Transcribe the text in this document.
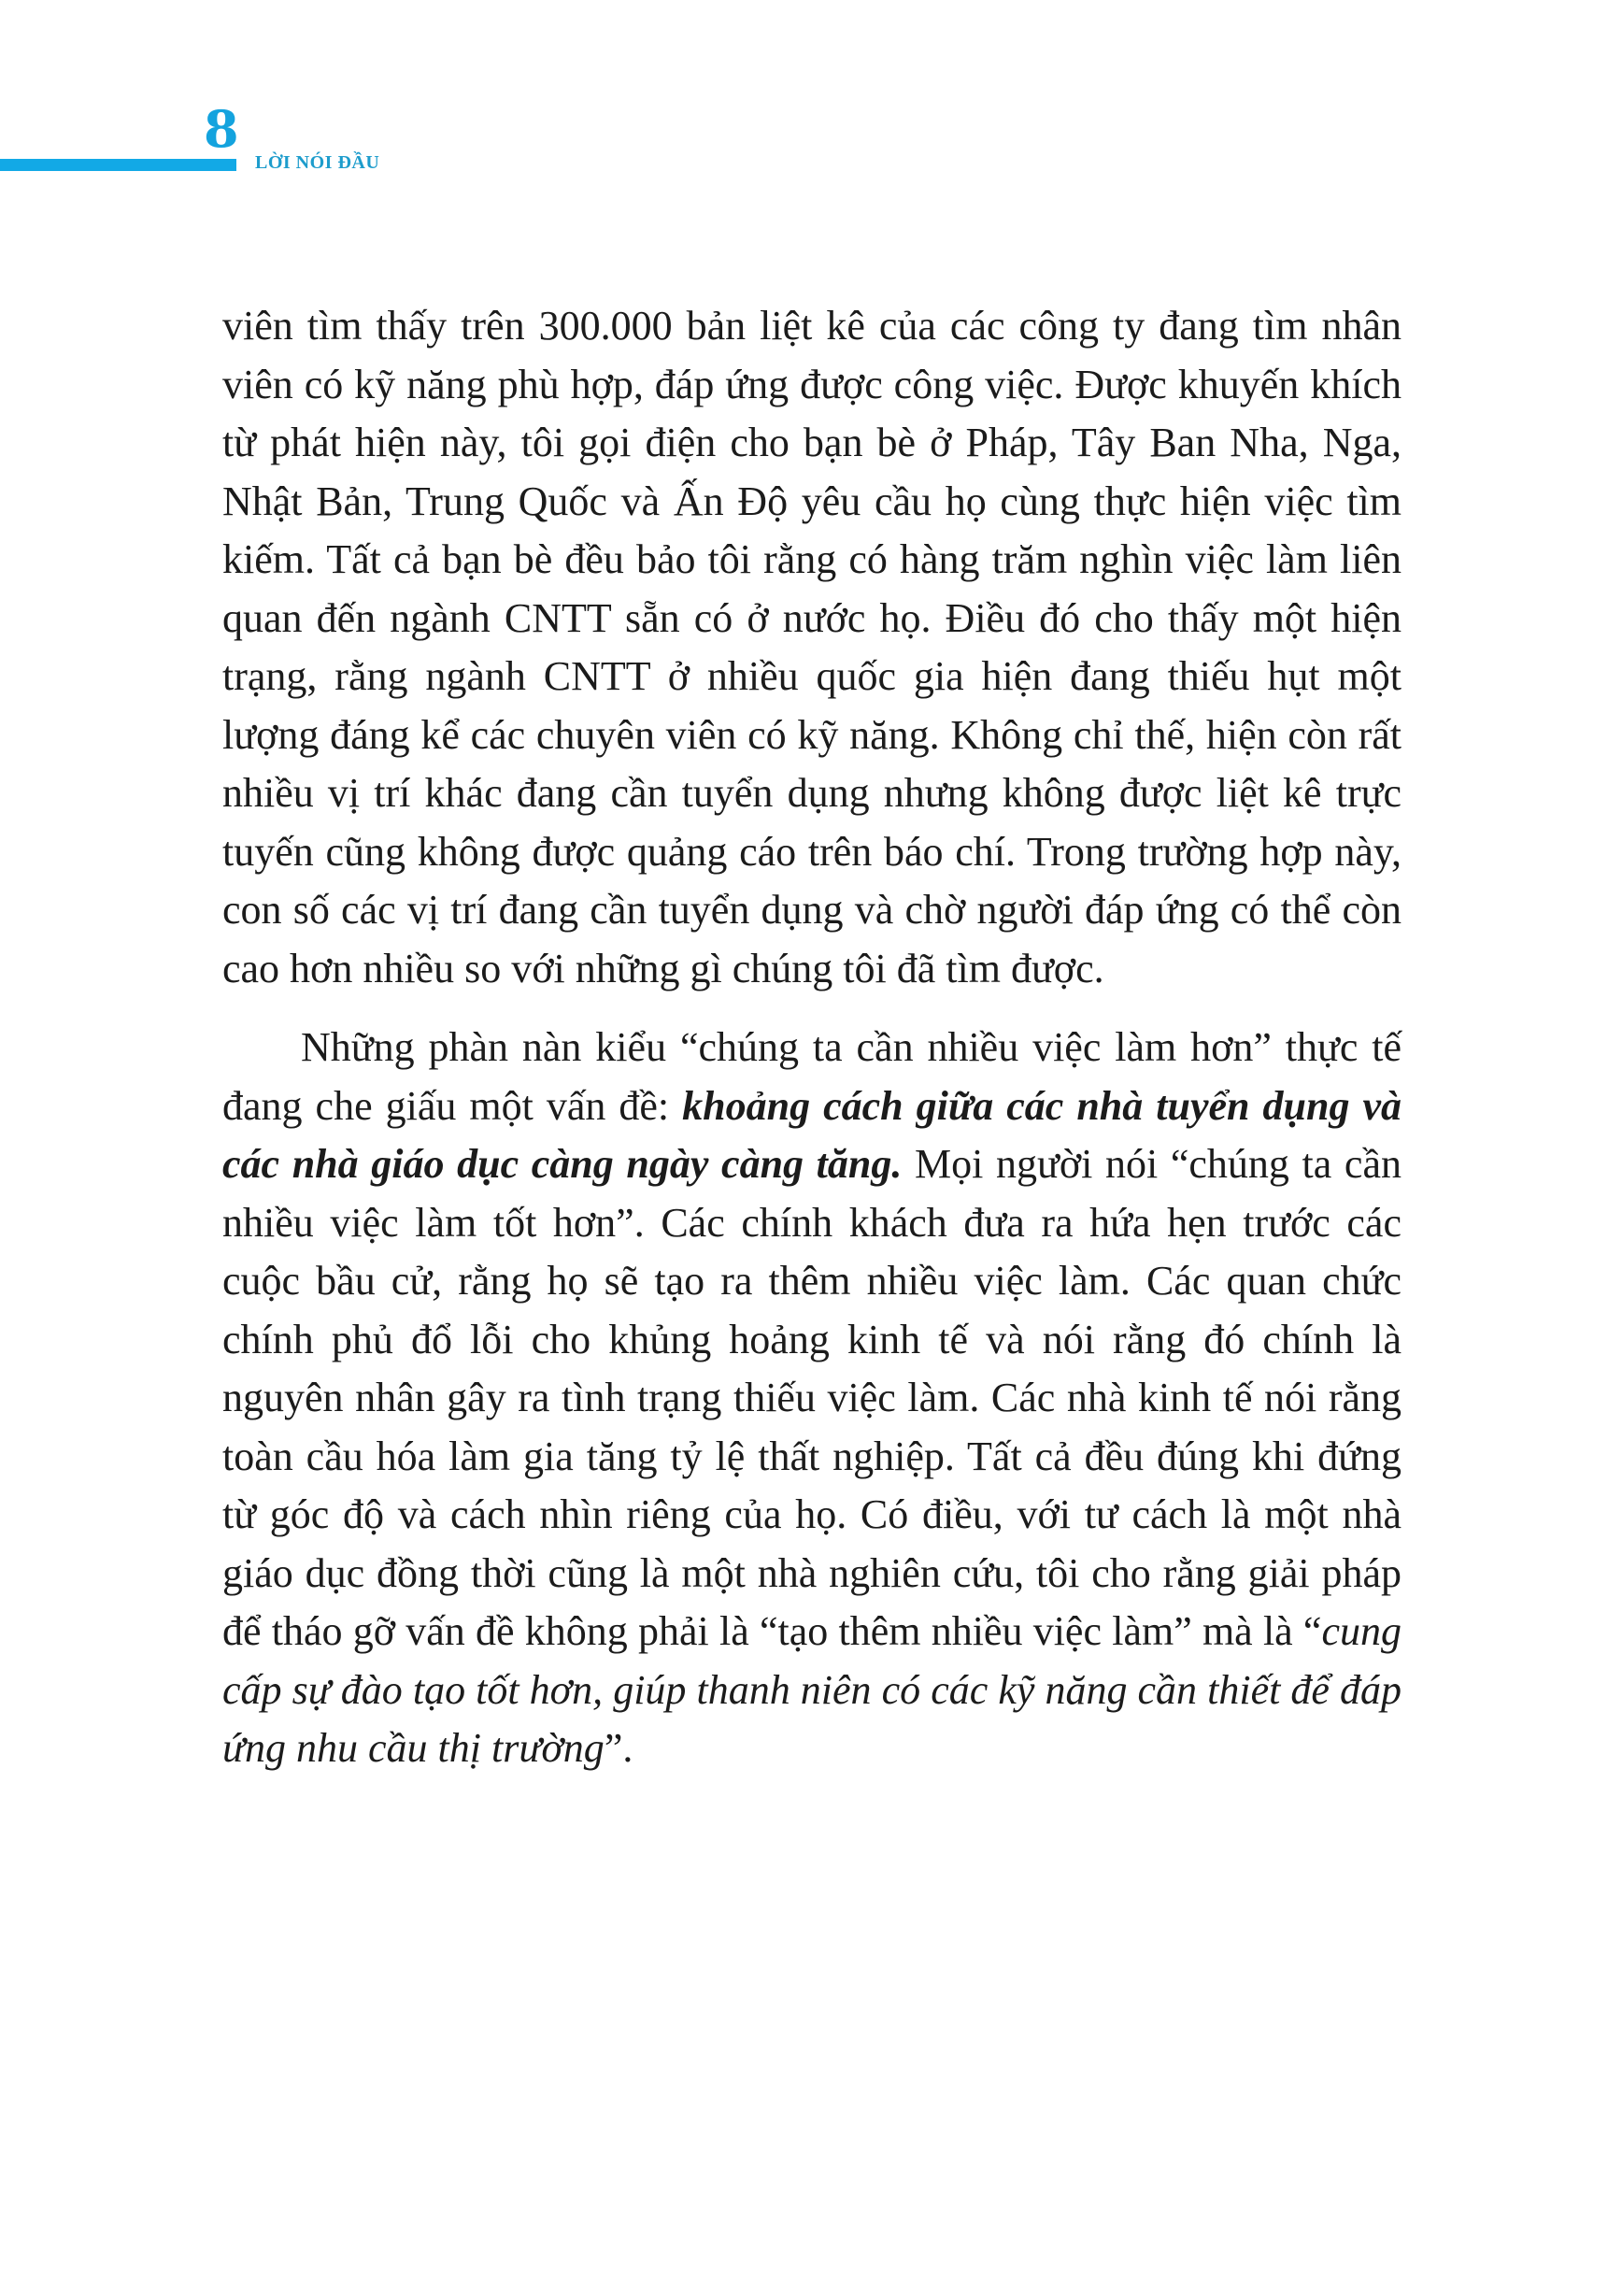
8
LỜI NÓI ĐẦU

viên tìm thấy trên 300.000 bản liệt kê của các công ty đang tìm nhân viên có kỹ năng phù hợp, đáp ứng được công việc. Được khuyến khích từ phát hiện này, tôi gọi điện cho bạn bè ở Pháp, Tây Ban Nha, Nga, Nhật Bản, Trung Quốc và Ấn Độ yêu cầu họ cùng thực hiện việc tìm kiếm. Tất cả bạn bè đều bảo tôi rằng có hàng trăm nghìn việc làm liên quan đến ngành CNTT sẵn có ở nước họ. Điều đó cho thấy một hiện trạng, rằng ngành CNTT ở nhiều quốc gia hiện đang thiếu hụt một lượng đáng kể các chuyên viên có kỹ năng. Không chỉ thế, hiện còn rất nhiều vị trí khác đang cần tuyển dụng nhưng không được liệt kê trực tuyến cũng không được quảng cáo trên báo chí. Trong trường hợp này, con số các vị trí đang cần tuyển dụng và chờ người đáp ứng có thể còn cao hơn nhiều so với những gì chúng tôi đã tìm được.

Những phàn nàn kiểu “chúng ta cần nhiều việc làm hơn” thực tế đang che giấu một vấn đề: khoảng cách giữa các nhà tuyển dụng và các nhà giáo dục càng ngày càng tăng. Mọi người nói “chúng ta cần nhiều việc làm tốt hơn”. Các chính khách đưa ra hứa hẹn trước các cuộc bầu cử, rằng họ sẽ tạo ra thêm nhiều việc làm. Các quan chức chính phủ đổ lỗi cho khủng hoảng kinh tế và nói rằng đó chính là nguyên nhân gây ra tình trạng thiếu việc làm. Các nhà kinh tế nói rằng toàn cầu hóa làm gia tăng tỷ lệ thất nghiệp. Tất cả đều đúng khi đứng từ góc độ và cách nhìn riêng của họ. Có điều, với tư cách là một nhà giáo dục đồng thời cũng là một nhà nghiên cứu, tôi cho rằng giải pháp để tháo gỡ vấn đề không phải là “tạo thêm nhiều việc làm” mà là “cung cấp sự đào tạo tốt hơn, giúp thanh niên có các kỹ năng cần thiết để đáp ứng nhu cầu thị trường”.
